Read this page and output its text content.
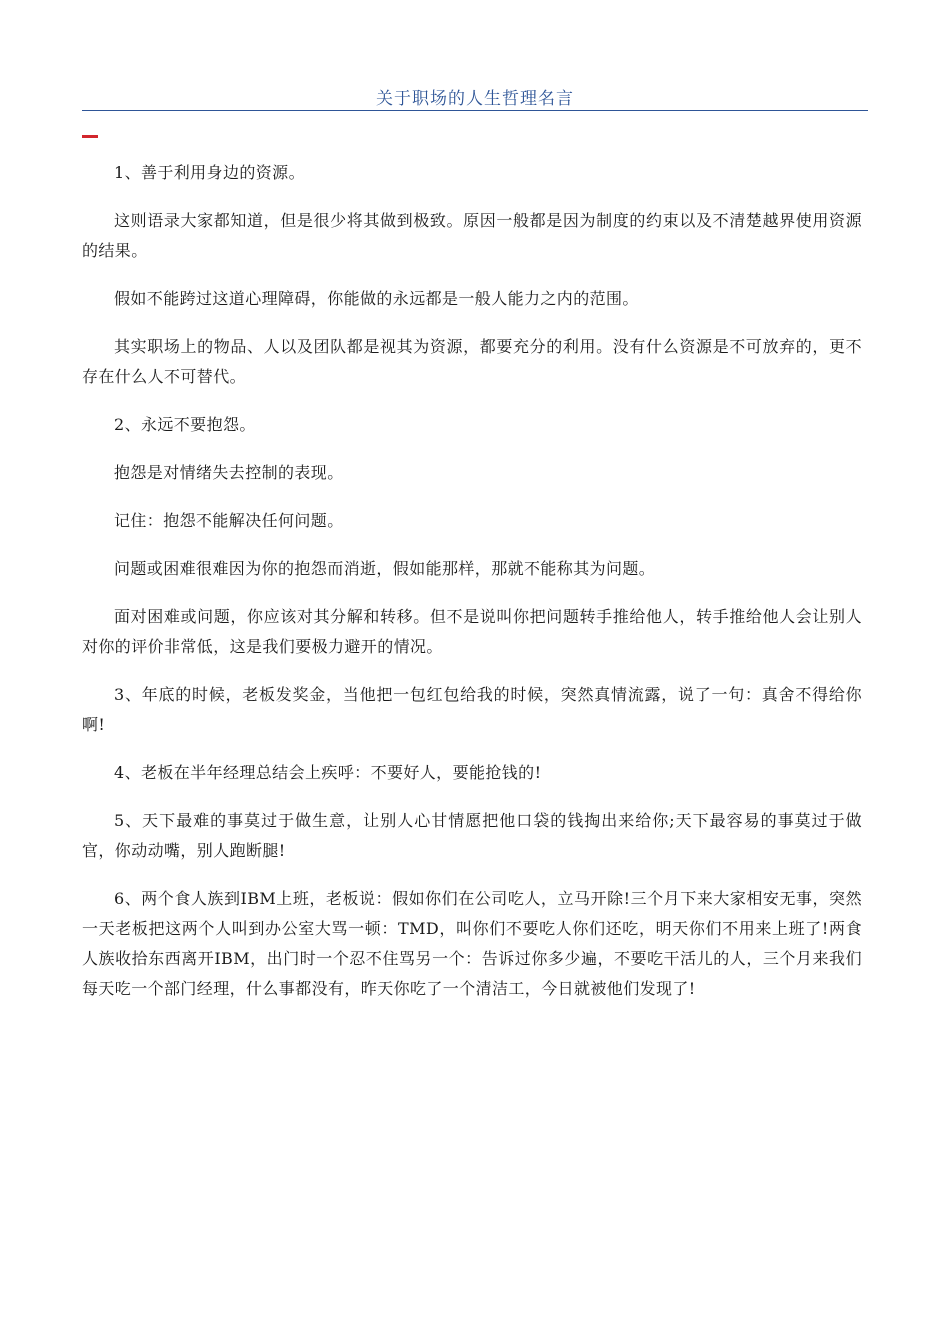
关于职场的人生哲理名言

1、善于利用身边的资源。

这则语录大家都知道，但是很少将其做到极致。原因一般都是因为制度的约束以及不清楚越界使用资源的结果。

假如不能跨过这道心理障碍，你能做的永远都是一般人能力之内的范围。

其实职场上的物品、人以及团队都是视其为资源，都要充分的利用。没有什么资源是不可放弃的，更不存在什么人不可替代。

2、永远不要抱怨。

抱怨是对情绪失去控制的表现。

记住：抱怨不能解决任何问题。

问题或困难很难因为你的抱怨而消逝，假如能那样，那就不能称其为问题。

面对困难或问题，你应该对其分解和转移。但不是说叫你把问题转手推给他人，转手推给他人会让别人对你的评价非常低，这是我们要极力避开的情况。

3、年底的时候，老板发奖金，当他把一包红包给我的时候，突然真情流露，说了一句：真舍不得给你啊!

4、老板在半年经理总结会上疾呼：不要好人，要能抢钱的!

5、天下最难的事莫过于做生意，让别人心甘情愿把他口袋的钱掏出来给你;天下最容易的事莫过于做官，你动动嘴，别人跑断腿!

6、两个食人族到IBM上班，老板说：假如你们在公司吃人，立马开除!三个月下来大家相安无事，突然一天老板把这两个人叫到办公室大骂一顿：TMD，叫你们不要吃人你们还吃，明天你们不用来上班了!两食人族收拾东西离开IBM，出门时一个忍不住骂另一个：告诉过你多少遍，不要吃干活儿的人，三个月来我们每天吃一个部门经理，什么事都没有，昨天你吃了一个清洁工，今日就被他们发现了!
